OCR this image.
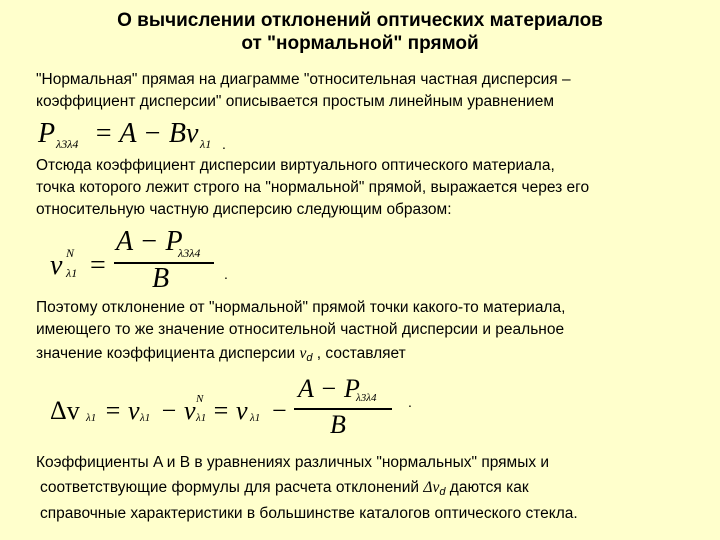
О вычислении отклонений оптических материалов
от "нормальной" прямой
"Нормальная" прямая на диаграмме "относительная частная дисперсия –
коэффициент дисперсии" описывается простым линейным уравнением
P λ3λ4 = A − Bv λ1 .
Отсюда коэффициент дисперсии виртуального оптического материала,
точка которого лежит строго на "нормальной" прямой, выражается через его
относительную частную дисперсию следующим образом:
v N
λ1 =
A − P
λ3λ4
B	.
Поэтому отклонение от "нормальной" прямой точки какого-то материала,
имеющего то же значение относительной частной дисперсии и реальное
значение коэффициента дисперсии νd , составляет
Δv λ1 = v λ1 − v N
λ1 = v λ1 −
A − P
λ3λ4
B
.
Коэффициенты A и B в уравнениях различных "нормальных" прямых и
соответствующие формулы для расчета отклонений Δνd даются как
справочные характеристики в большинстве каталогов оптического стекла.
